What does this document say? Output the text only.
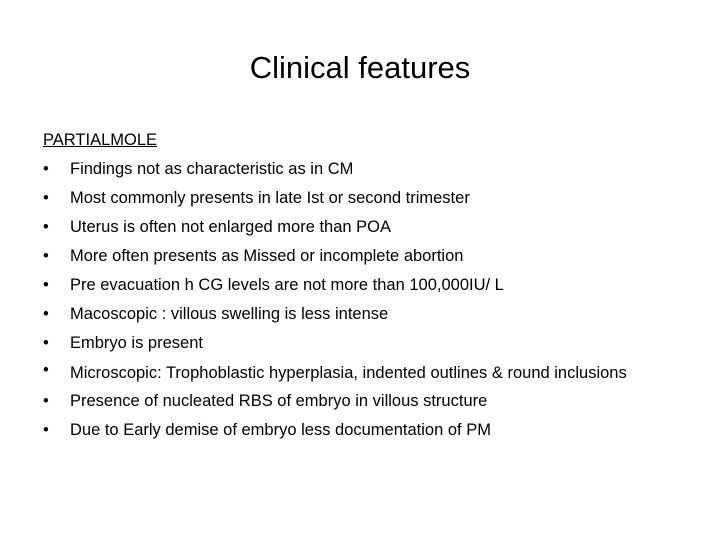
Clinical features
PARTIALMOLE
•	Findings not as characteristic as in CM
•	Most commonly presents in late Ist or second trimester
•	Uterus is often not enlarged more than POA
•	More often presents as Missed or incomplete abortion
•	Pre evacuation h CG levels are not more than 100,000IU/ L
•	Macoscopic : villous swelling is less intense
•	Embryo is present
•	Microscopic: Trophoblastic hyperplasia, indented outlines & round inclusions
•	Presence of nucleated RBS of embryo in villous structure
•	Due to Early demise of embryo less documentation of PM
